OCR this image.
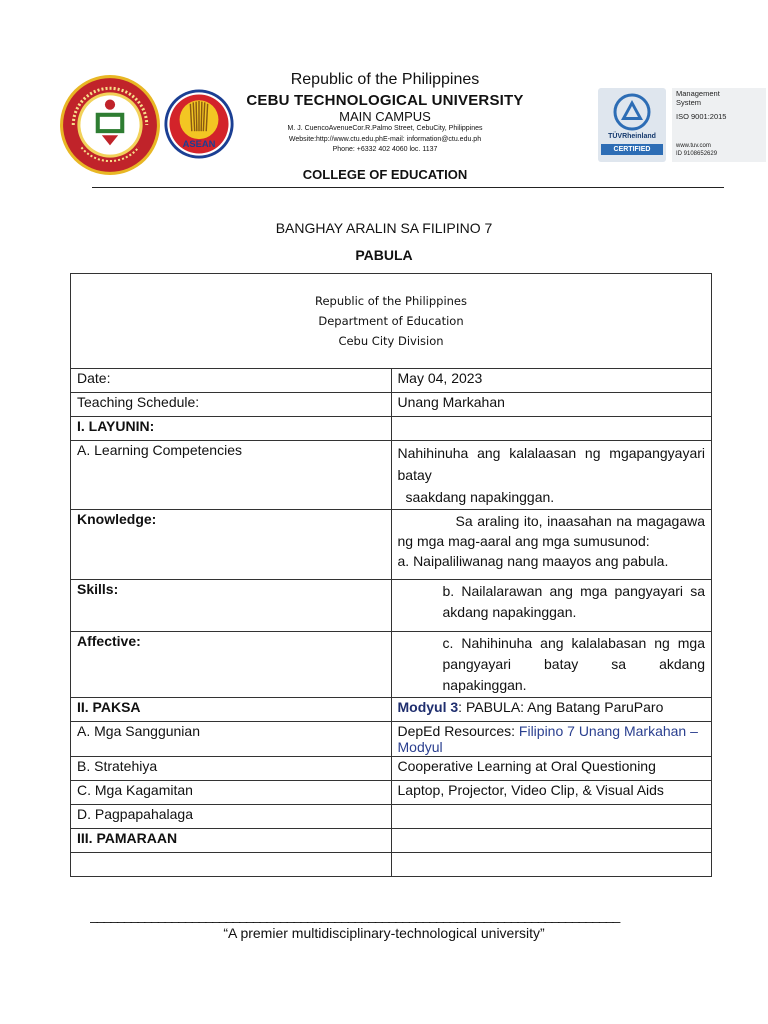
ASEAN
Republic of the Philippines
CEBU TECHNOLOGICAL UNIVERSITY
MAIN CAMPUS
M. J. CuencoAvenueCor.R.Palmo Street, CebuCity, Philippines
Website:http://www.ctu.edu.phE-mail: information@ctu.edu.ph
Phone: +6332 402 4060 loc. 1137
COLLEGE OF EDUCATION
TÜVRheinland
CERTIFIED
Management System
ISO 9001:2015
www.tuv.com
ID 9108652629
BANGHAY ARALIN SA FILIPINO 7
PABULA
Republic of the Philippines
Department of Education
Cebu City Division	

Date:	May 04, 2023
Teaching Schedule:	Unang Markahan
I. LAYUNIN:	
A. Learning Competencies	Nahihinuha ang kalalaasan ng mgapangyayari batay
saakdang napakinggan.

Knowledge:	Sa araling ito, inaasahan na magagawa ng mga mag-aaral ang mga sumusunod:
a. Naipaliliwanag nang maayos ang pabula.

Skills:	b. Nailalarawan ang mga pangyayari sa akdang napakinggan.

Affective:	c. Nahihinuha ang kalalabasan ng mga pangyayari batay sa akdang napakinggan.

II. PAKSA	Modyul 3: PABULA: Ang Batang ParuParo
A. Mga Sanggunian	DepEd Resources: Filipino 7 Unang Markahan – Modyul
B. Stratehiya	Cooperative Learning at Oral Questioning
C. Mga Kagamitan	Laptop, Projector, Video Clip, & Visual Aids
D. Pagpapahalaga	
III. PAMARAAN	

______________________________________________________________________________
“A premier multidisciplinary-technological university”
